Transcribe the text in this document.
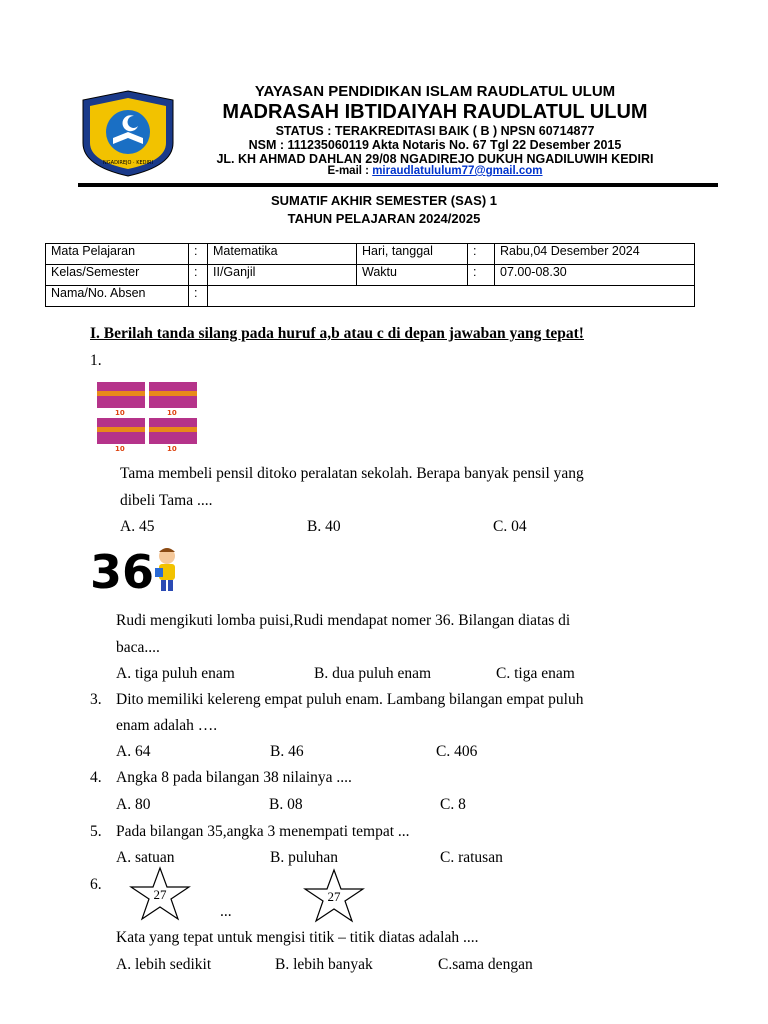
NGADIREJO · KEDIRI
YAYASAN PENDIDIKAN ISLAM RAUDLATUL ULUM
MADRASAH IBTIDAIYAH RAUDLATUL ULUM
STATUS : TERAKREDITASI BAIK ( B ) NPSN 60714877
NSM : 111235060119 Akta Notaris No. 67 Tgl 22 Desember 2015
JL. KH AHMAD DAHLAN 29/08 NGADIREJO DUKUH NGADILUWIH KEDIRI
E-mail : miraudlatululum77@gmail.com
SUMATIF AKHIR SEMESTER (SAS) 1
TAHUN PELAJARAN 2024/2025
Mata Pelajaran	:	Matematika	Hari, tanggal	:	Rabu,04 Desember 2024
Kelas/Semester	:	II/Ganjil	Waktu	:	07.00-08.30
Nama/No. Absen	:				
I. Berilah tanda silang pada huruf a,b atau c di depan jawaban yang tepat!
1.
10	10
10	10
Tama membeli pensil ditoko peralatan sekolah. Berapa banyak pensil yang
dibeli Tama ....
A. 45	B. 40	C. 04
36
Rudi mengikuti lomba puisi,Rudi mendapat nomer 36. Bilangan diatas di
baca....
A. tiga puluh enam	B. dua puluh enam	C. tiga enam
3. Dito memiliki kelereng empat puluh enam. Lambang bilangan empat puluh
enam adalah ….
A. 64	B. 46	C. 406
4. Angka 8 pada bilangan 38 nilainya ....
A. 80	B. 08	C. 8
5. Pada bilangan 35,angka 3 menempati tempat ...
A. satuan	B. puluhan	C. ratusan
6.
27
...
27
Kata yang tepat untuk mengisi titik – titik diatas adalah ....
A. lebih sedikit	B. lebih banyak	C.sama dengan
